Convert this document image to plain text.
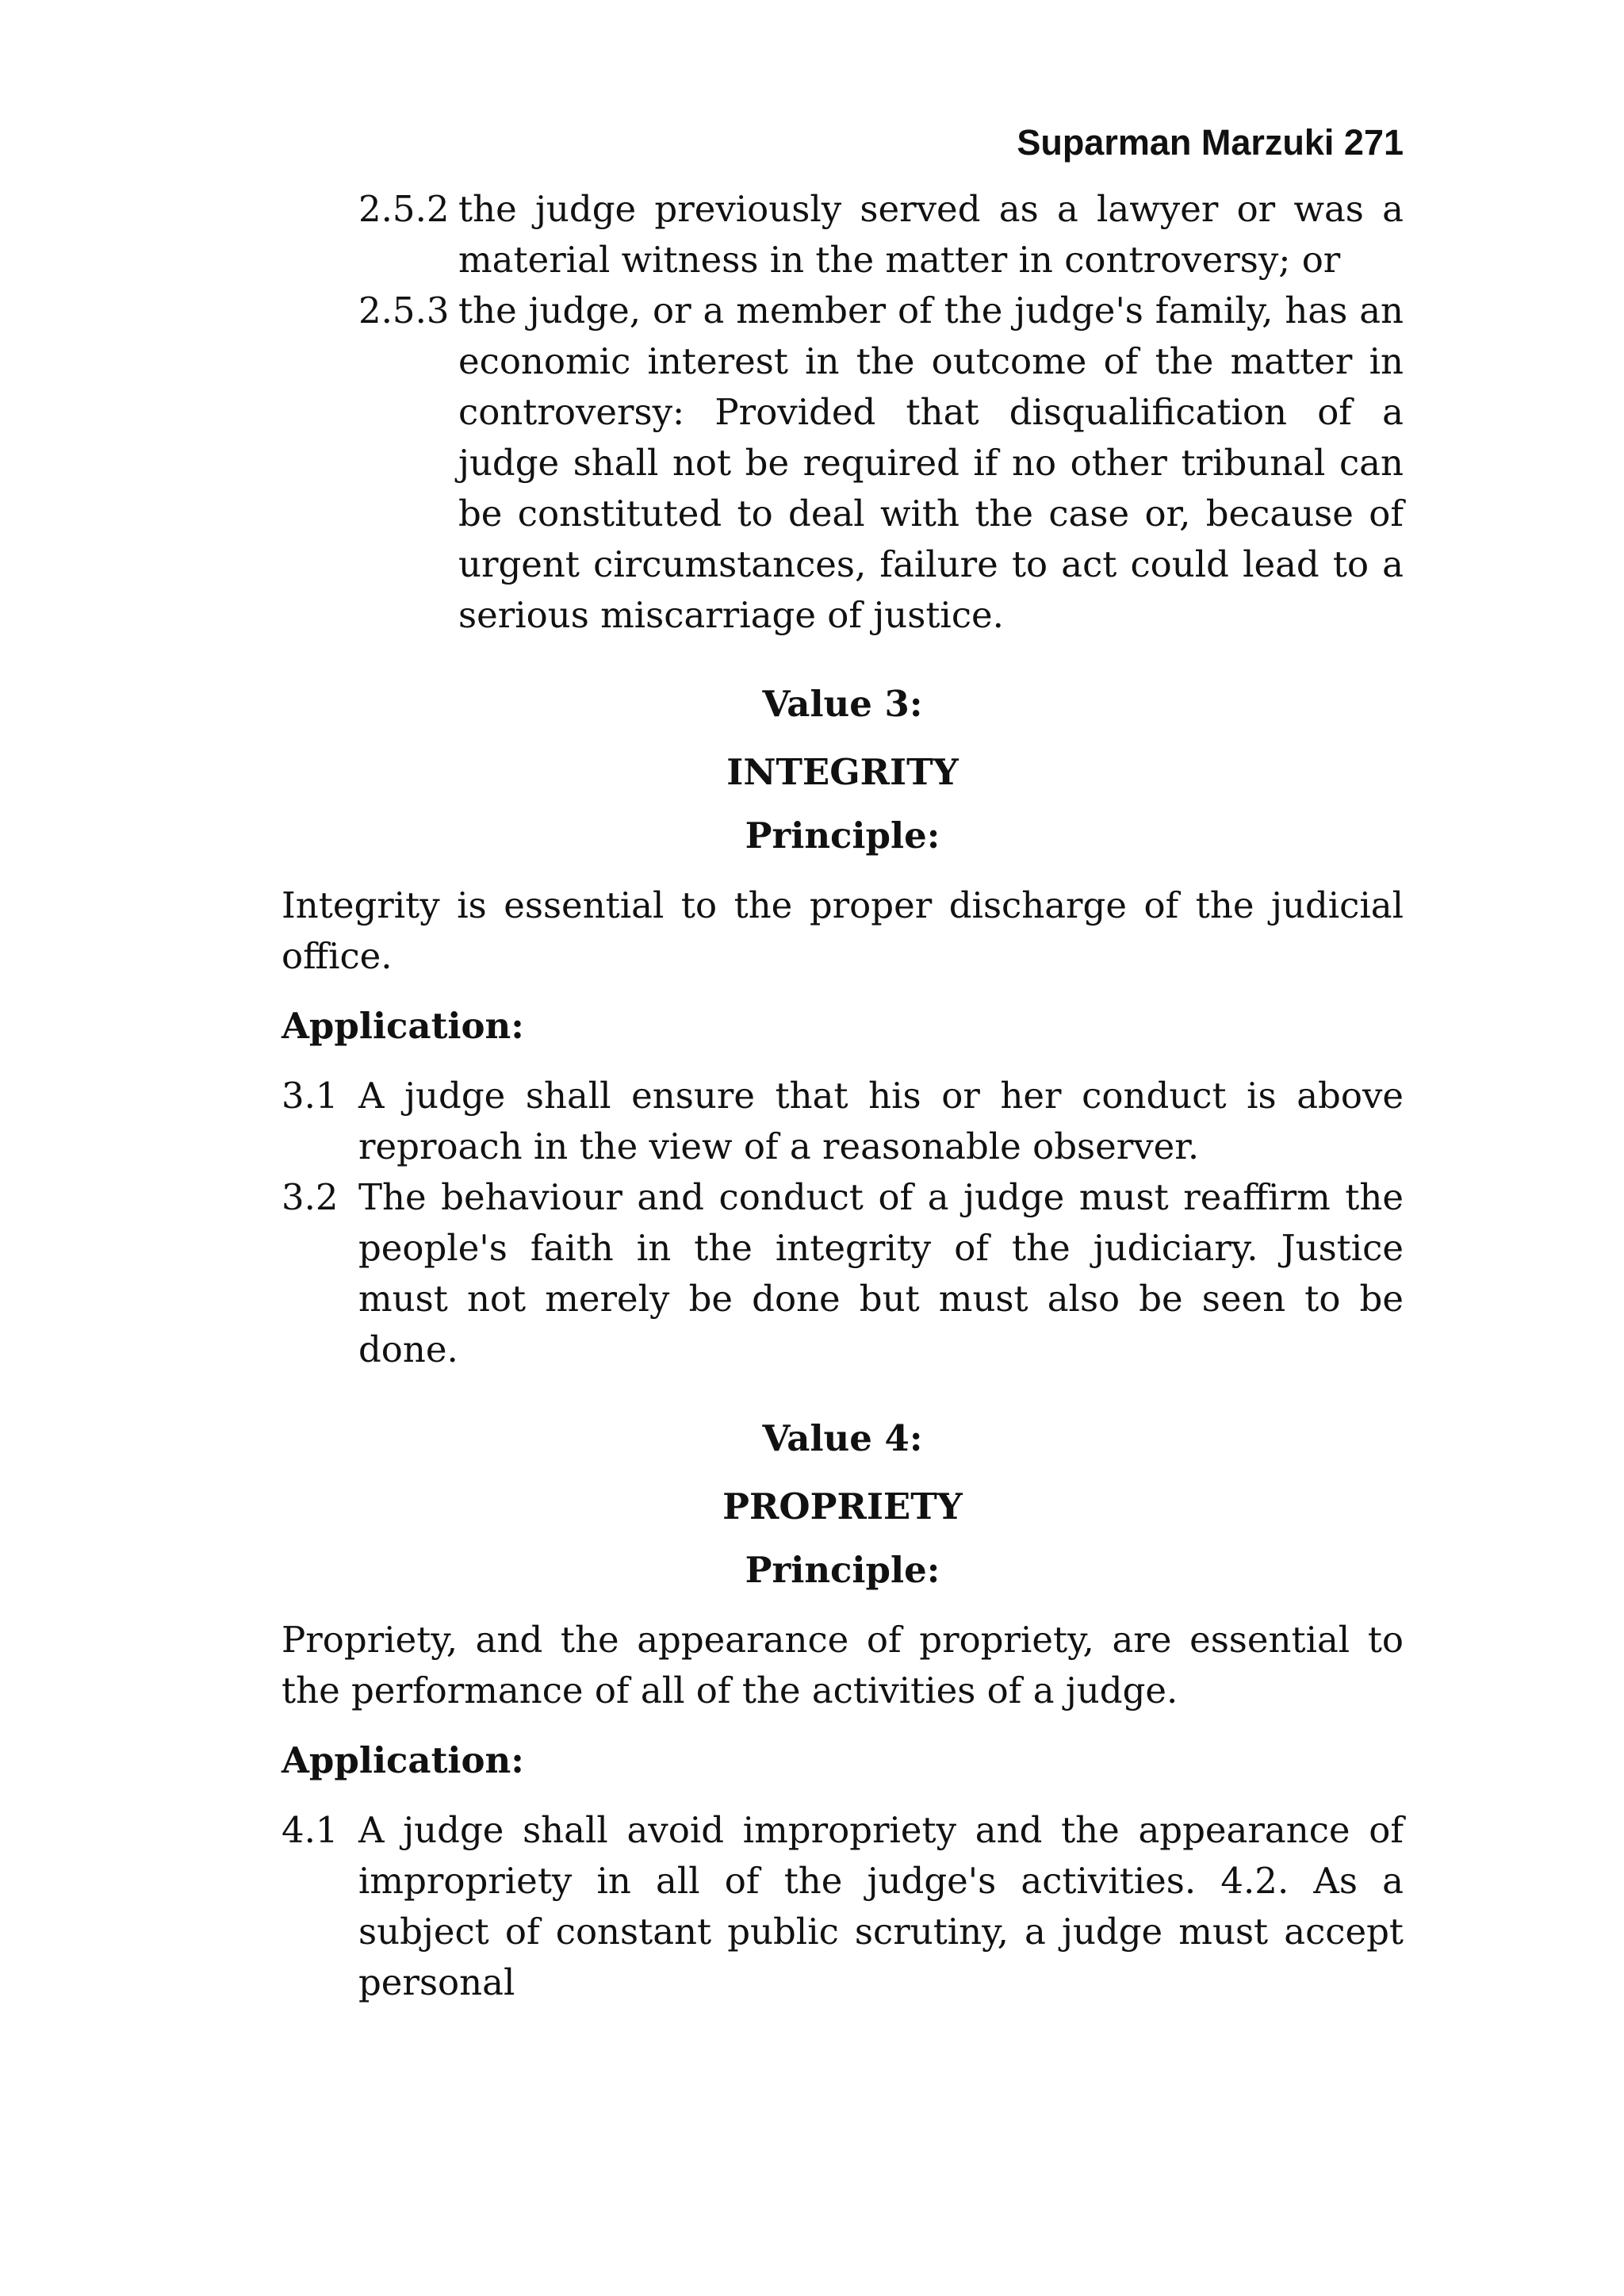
Suparman Marzuki 271
2.5.2 the judge previously served as a lawyer or was a material witness in the matter in controversy; or
2.5.3 the judge, or a member of the judge's family, has an economic interest in the outcome of the matter in controversy: Provided that disqualification of a judge shall not be required if no other tribunal can be constituted to deal with the case or, because of urgent circumstances, failure to act could lead to a serious miscarriage of justice.
Value 3:
INTEGRITY
Principle:

Integrity is essential to the proper discharge of the judicial office.

Application:
3.1 A judge shall ensure that his or her conduct is above reproach in the view of a reasonable observer.
3.2 The behaviour and conduct of a judge must reaffirm the people's faith in the integrity of the judiciary. Justice must not merely be done but must also be seen to be done.
Value 4:
PROPRIETY
Principle:

Propriety, and the appearance of propriety, are essential to the performance of all of the activities of a judge.

Application:
4.1 A judge shall avoid impropriety and the appearance of impropriety in all of the judge's activities. 4.2. As a subject of constant public scrutiny, a judge must accept personal
